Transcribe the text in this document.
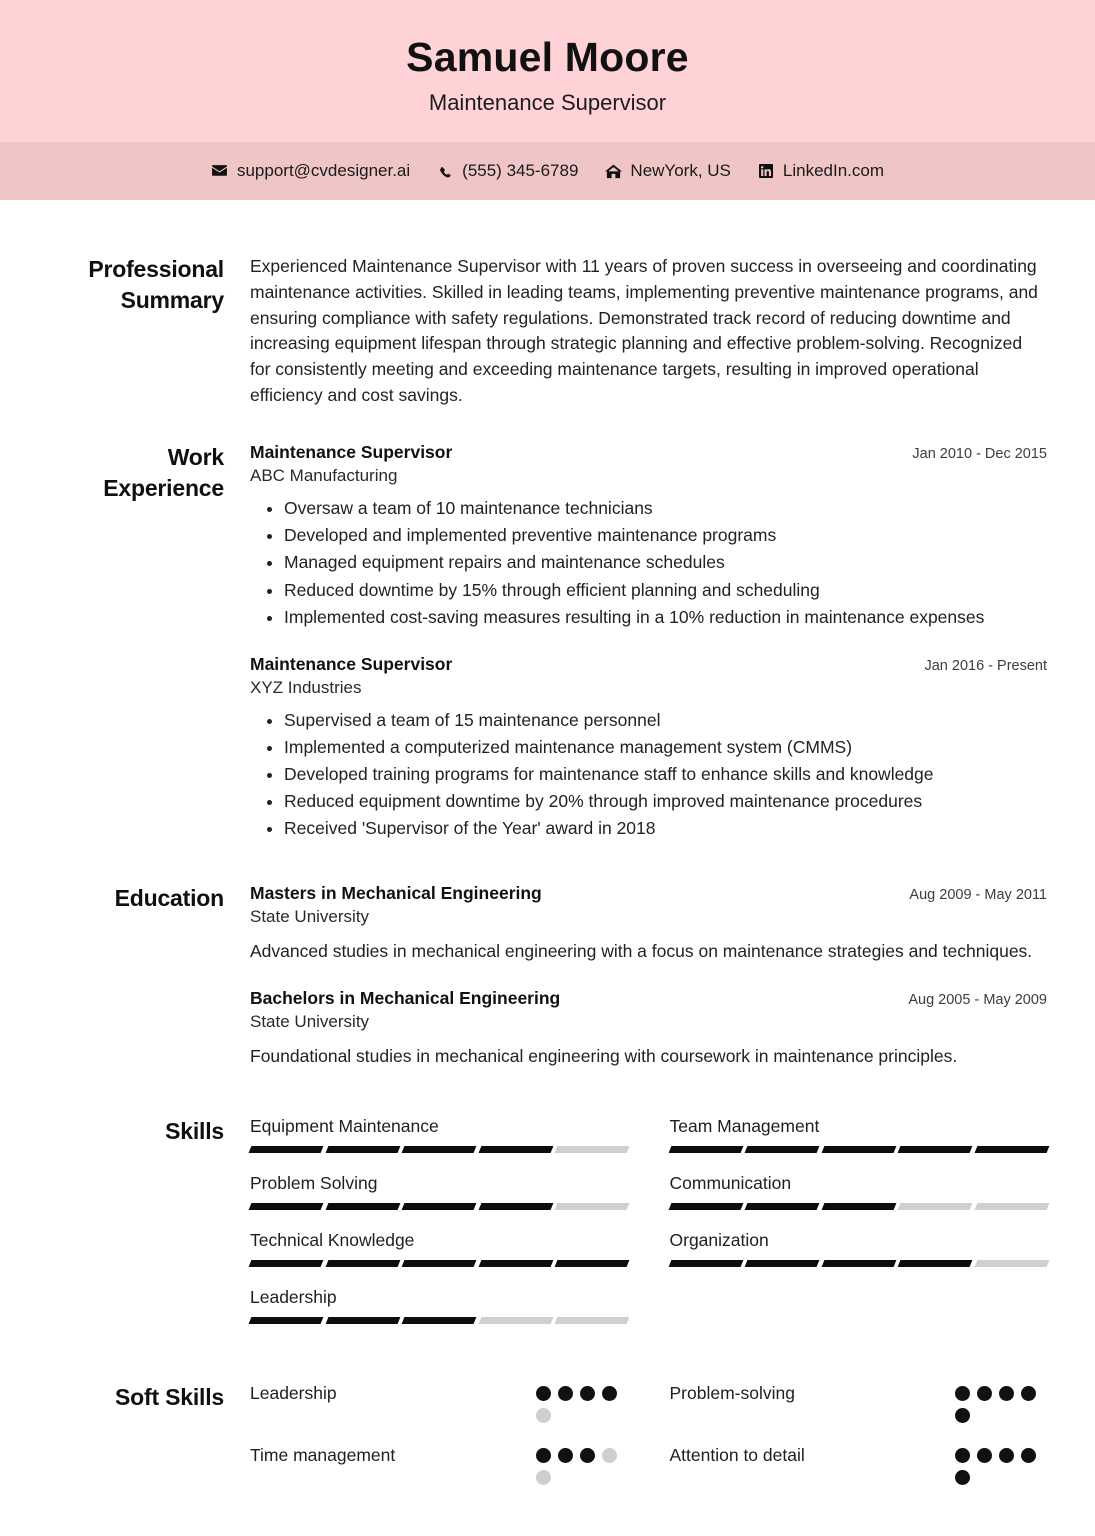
Samuel Moore
Maintenance Supervisor
support@cvdesigner.ai	(555) 345-6789	NewYork, US	LinkedIn.com
Professional Summary
Experienced Maintenance Supervisor with 11 years of proven success in overseeing and coordinating maintenance activities. Skilled in leading teams, implementing preventive maintenance programs, and ensuring compliance with safety regulations. Demonstrated track record of reducing downtime and increasing equipment lifespan through strategic planning and effective problem-solving. Recognized for consistently meeting and exceeding maintenance targets, resulting in improved operational efficiency and cost savings.
Work Experience
Maintenance Supervisor	Jan 2010 - Dec 2015
ABC Manufacturing
• Oversaw a team of 10 maintenance technicians
• Developed and implemented preventive maintenance programs
• Managed equipment repairs and maintenance schedules
• Reduced downtime by 15% through efficient planning and scheduling
• Implemented cost-saving measures resulting in a 10% reduction in maintenance expenses
Maintenance Supervisor	Jan 2016 - Present
XYZ Industries
• Supervised a team of 15 maintenance personnel
• Implemented a computerized maintenance management system (CMMS)
• Developed training programs for maintenance staff to enhance skills and knowledge
• Reduced equipment downtime by 20% through improved maintenance procedures
• Received 'Supervisor of the Year' award in 2018
Education	Masters in Mechanical Engineering	Aug 2009 - May 2011
State University
Advanced studies in mechanical engineering with a focus on maintenance strategies and techniques.
Bachelors in Mechanical Engineering	Aug 2005 - May 2009
State University
Foundational studies in mechanical engineering with coursework in maintenance principles.
Skills	Equipment Maintenance	Team Management
Problem Solving	Communication
Technical Knowledge	Organization
Leadership
Soft Skills	Leadership	Problem-solving
Time management	Attention to detail
